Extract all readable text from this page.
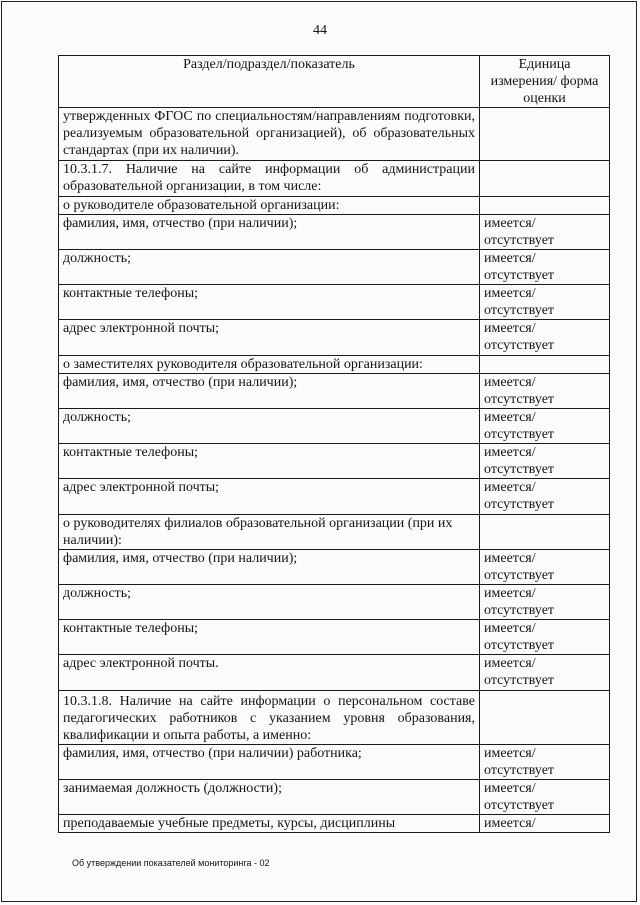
44
Раздел/подраздел/показатель	Единица измерения/ форма оценки
утвержденных ФГОС по специальностям/направлениям подготовки, реализуемым образовательной организацией), об образовательных стандартах (при их наличии).	
10.3.1.7. Наличие на сайте информации об администрации образовательной организации, в том числе:	
о руководителе образовательной организации:	
фамилия, имя, отчество (при наличии);	имеется/ отсутствует
должность;	имеется/ отсутствует
контактные телефоны;	имеется/ отсутствует
адрес электронной почты;	имеется/ отсутствует
о заместителях руководителя образовательной организации:	
фамилия, имя, отчество (при наличии);	имеется/ отсутствует
должность;	имеется/ отсутствует
контактные телефоны;	имеется/ отсутствует
адрес электронной почты;	имеется/ отсутствует
о руководителях филиалов образовательной организации (при их наличии):	
фамилия, имя, отчество (при наличии);	имеется/ отсутствует
должность;	имеется/ отсутствует
контактные телефоны;	имеется/ отсутствует
адрес электронной почты.	имеется/ отсутствует
10.3.1.8. Наличие на сайте информации о персональном составе педагогических работников с указанием уровня образования, квалификации и опыта работы, а именно:	
фамилия, имя, отчество (при наличии) работника;	имеется/ отсутствует
занимаемая должность (должности);	имеется/ отсутствует
преподаваемые учебные предметы, курсы, дисциплины	имеется/
Об утверждении показателей мониторинга - 02
